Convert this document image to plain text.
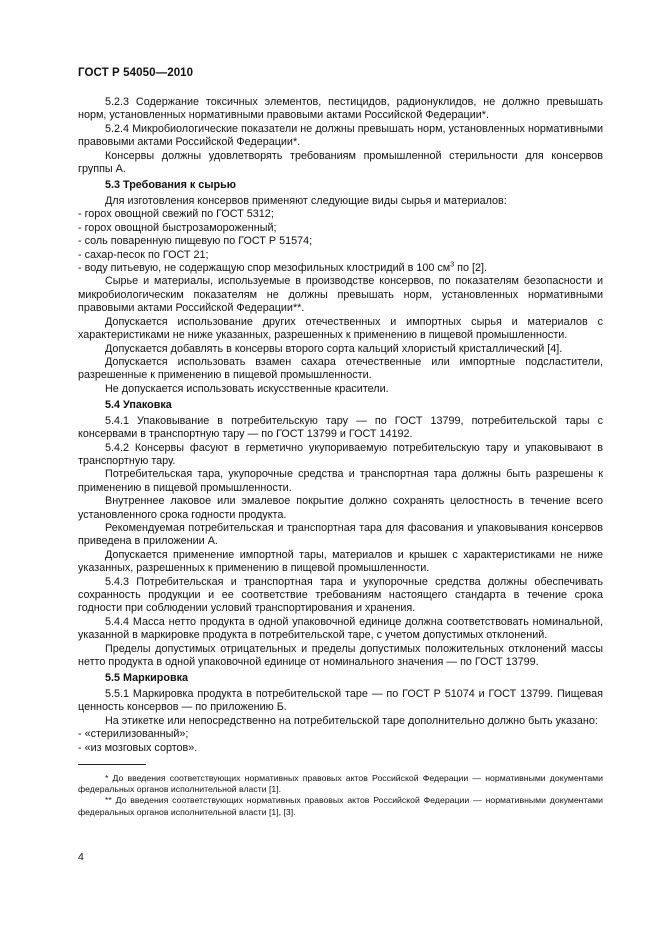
ГОСТ Р 54050—2010

5.2.3 Содержание токсичных элементов, пестицидов, радионуклидов, не должно превышать норм, установленных нормативными правовыми актами Российской Федерации*.

5.2.4 Микробиологические показатели не должны превышать норм, установленных нормативными правовыми актами Российской Федерации*.

Консервы должны удовлетворять требованиям промышленной стерильности для консервов группы А.

5.3 Требования к сырью

Для изготовления консервов применяют следующие виды сырья и материалов:

- горох овощной свежий по ГОСТ 5312;

- горох овощной быстрозамороженный;

- соль поваренную пищевую по ГОСТ Р 51574;

- сахар-песок по ГОСТ 21;

- воду питьевую, не содержащую спор мезофильных клостридий в 100 $см^3$ по [2].

Сырье и материалы, используемые в производстве консервов, по показателям безопасности и микробиологическим показателям не должны превышать норм, установленных нормативными правовыми актами Российской Федерации**.

Допускается использование других отечественных и импортных сырья и материалов с характеристиками не ниже указанных, разрешенных к применению в пищевой промышленности.

Допускается добавлять в консервы второго сорта кальций хлористый кристаллический [4].

Допускается использовать взамен сахара отечественные или импортные подсластители, разрешенные к применению в пищевой промышленности.

Не допускается использовать искусственные красители.

5.4 Упаковка

5.4.1 Упаковывание в потребительскую тару — по ГОСТ 13799, потребительской тары с консервами в транспортную тару — по ГОСТ 13799 и ГОСТ 14192.

5.4.2 Консервы фасуют в герметично укупориваемую потребительскую тару и упаковывают в транспортную тару.

Потребительская тара, укупорочные средства и транспортная тара должны быть разрешены к применению в пищевой промышленности.

Внутреннее лаковое или эмалевое покрытие должно сохранять целостность в течение всего установленного срока годности продукта.

Рекомендуемая потребительская и транспортная тара для фасования и упаковывания консервов приведена в приложении А.

Допускается применение импортной тары, материалов и крышек с характеристиками не ниже указанных, разрешенных к применению в пищевой промышленности.

5.4.3 Потребительская и транспортная тара и укупорочные средства должны обеспечивать сохранность продукции и ее соответствие требованиям настоящего стандарта в течение срока годности при соблюдении условий транспортирования и хранения.

5.4.4 Масса нетто продукта в одной упаковочной единице должна соответствовать номинальной, указанной в маркировке продукта в потребительской таре, с учетом допустимых отклонений.

Пределы допустимых отрицательных и пределы допустимых положительных отклонений массы нетто продукта в одной упаковочной единице от номинального значения — по ГОСТ 13799.

5.5 Маркировка

5.5.1 Маркировка продукта в потребительской таре — по ГОСТ Р 51074 и ГОСТ 13799. Пищевая ценность консервов — по приложению Б.

На этикетке или непосредственно на потребительской таре дополнительно должно быть указано:

- «стерилизованный»;

- «из мозговых сортов».

* До введения соответствующих нормативных правовых актов Российской Федерации — нормативными документами федеральных органов исполнительной власти [1].

** До введения соответствующих нормативных правовых актов Российской Федерации — нормативными документами федеральных органов исполнительной власти [1], [3].

4
